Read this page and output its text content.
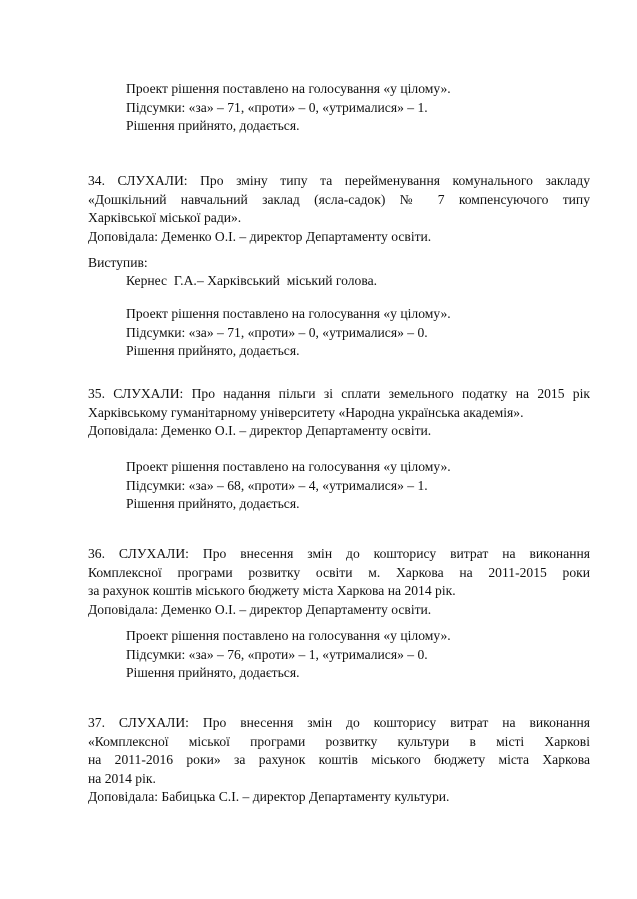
Проект рішення поставлено на голосування «у цілому».
Підсумки: «за» – 71, «проти» – 0, «утрималися» – 1.
Рішення прийнято, додається.
34. СЛУХАЛИ: Про зміну типу та перейменування комунального закладу
«Дошкільний навчальний заклад (ясла-садок) № 7 компенсуючого типу
Харківської міської ради».
Доповідала: Деменко О.І. – директор Департаменту освіти.
Виступив:
Кернес  Г.А.– Харківський  міський голова.
Проект рішення поставлено на голосування «у цілому».
Підсумки: «за» – 71, «проти» – 0, «утрималися» – 0.
Рішення прийнято, додається.
35. СЛУХАЛИ: Про надання пільги зі сплати земельного податку на 2015 рік
Харківському гуманітарному університету «Народна українська академія».
Доповідала: Деменко О.І. – директор Департаменту освіти.
Проект рішення поставлено на голосування «у цілому».
Підсумки: «за» – 68, «проти» – 4, «утрималися» – 1.
Рішення прийнято, додається.
36. СЛУХАЛИ: Про внесення змін до кошторису витрат на виконання
Комплексної програми розвитку освіти м. Харкова на 2011-2015 роки
за рахунок коштів міського бюджету міста Харкова на 2014 рік.
Доповідала: Деменко О.І. – директор Департаменту освіти.
Проект рішення поставлено на голосування «у цілому».
Підсумки: «за» – 76, «проти» – 1, «утрималися» – 0.
Рішення прийнято, додається.
37. СЛУХАЛИ: Про внесення змін до кошторису витрат на виконання
«Комплексної міської програми розвитку культури в місті Харкові
на 2011-2016 роки» за рахунок коштів міського бюджету міста Харкова
на 2014 рік.
Доповідала: Бабицька С.І. – директор Департаменту культури.
